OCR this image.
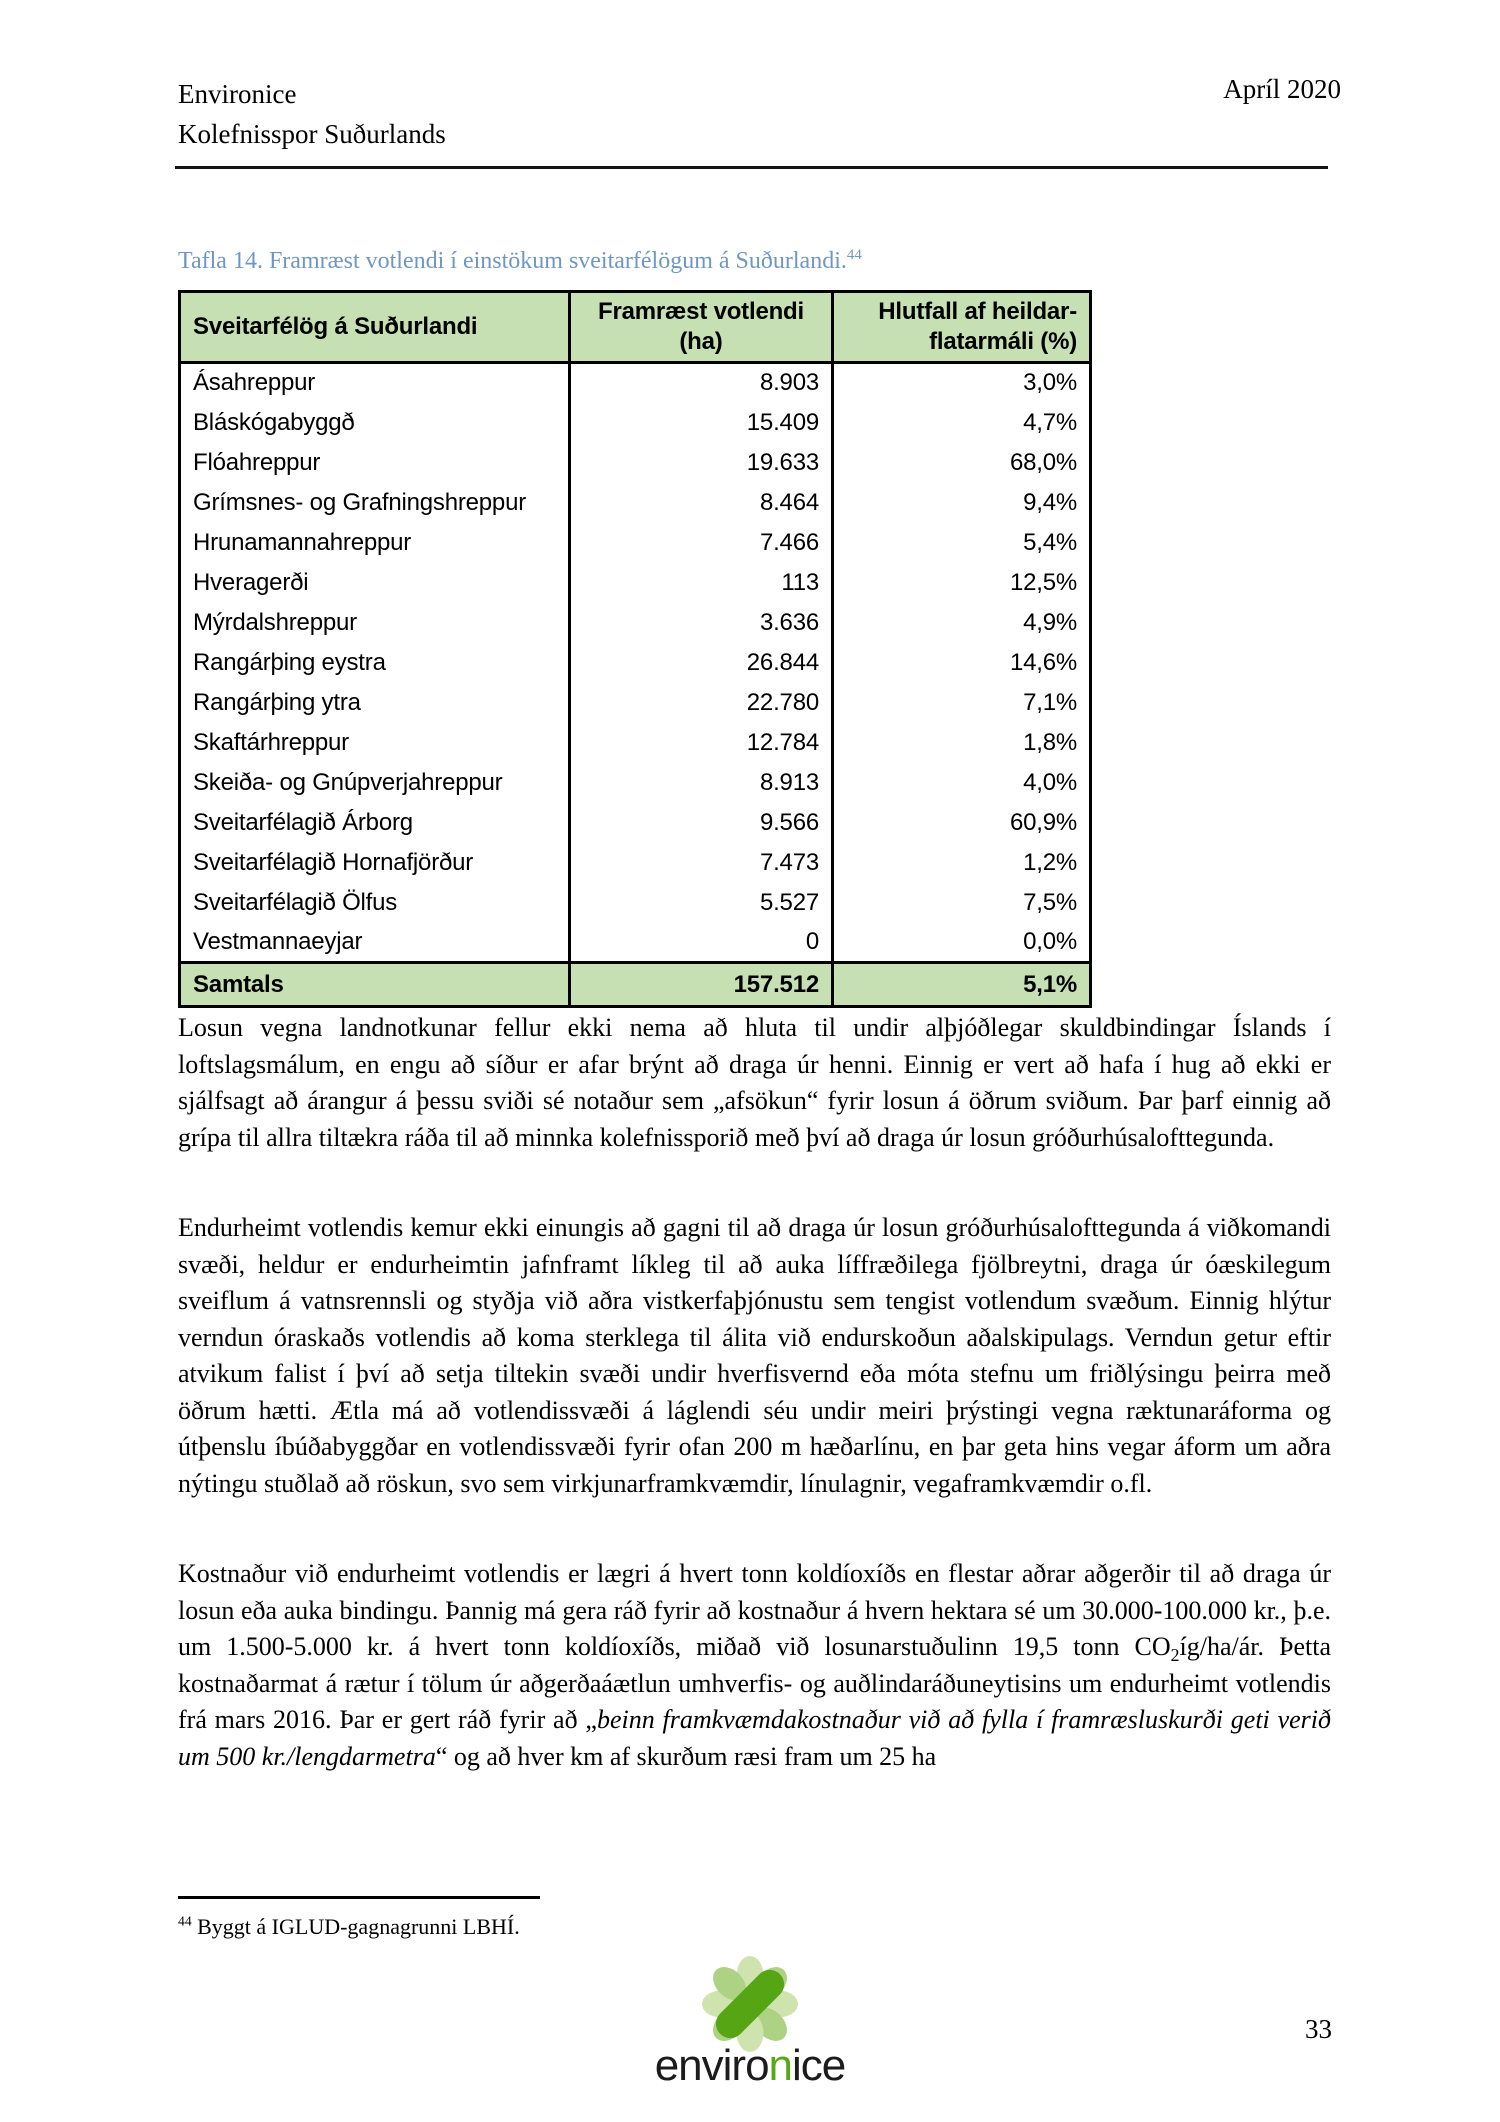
Environice
Kolefnisspor Suðurlands
Apríl 2020
Tafla 14. Framræst votlendi í einstökum sveitarfélögum á Suðurlandi.$^{44}$
Sveitarfélög á Suðurlandi	Framræst votlendi (ha)	Hlutfall af heildar-
flatarmáli (%)
Ásahreppur	8.903	3,0%
Bláskógabyggð	15.409	4,7%
Flóahreppur	19.633	68,0%
Grímsnes- og Grafningshreppur	8.464	9,4%
Hrunamannahreppur	7.466	5,4%
Hveragerði	113	12,5%
Mýrdalshreppur	3.636	4,9%
Rangárþing eystra	26.844	14,6%
Rangárþing ytra	22.780	7,1%
Skaftárhreppur	12.784	1,8%
Skeiða- og Gnúpverjahreppur	8.913	4,0%
Sveitarfélagið Árborg	9.566	60,9%
Sveitarfélagið Hornafjörður	7.473	1,2%
Sveitarfélagið Ölfus	5.527	7,5%
Vestmannaeyjar	0	0,0%
Samtals	157.512	5,1%

Losun vegna landnotkunar fellur ekki nema að hluta til undir alþjóðlegar skuldbindingar Íslands í loftslagsmálum, en engu að síður er afar brýnt að draga úr henni. Einnig er vert að hafa í hug að ekki er sjálfsagt að árangur á þessu sviði sé notaður sem „afsökun“ fyrir losun á öðrum sviðum. Þar þarf einnig að grípa til allra tiltækra ráða til að minnka kolefnissporið með því að draga úr losun gróðurhúsalofttegunda.

Endurheimt votlendis kemur ekki einungis að gagni til að draga úr losun gróðurhúsalofttegunda á viðkomandi svæði, heldur er endurheimtin jafnframt líkleg til að auka líffræðilega fjölbreytni, draga úr óæskilegum sveiflum á vatnsrennsli og styðja við aðra vistkerfaþjónustu sem tengist votlendum svæðum. Einnig hlýtur verndun óraskaðs votlendis að koma sterklega til álita við endurskoðun aðalskipulags. Verndun getur eftir atvikum falist í því að setja tiltekin svæði undir hverfisvernd eða móta stefnu um friðlýsingu þeirra með öðrum hætti. Ætla má að votlendissvæði á láglendi séu undir meiri þrýstingi vegna ræktunaráforma og útþenslu íbúðabyggðar en votlendissvæði fyrir ofan 200 m hæðarlínu, en þar geta hins vegar áform um aðra nýtingu stuðlað að röskun, svo sem virkjunarframkvæmdir, línulagnir, vegaframkvæmdir o.fl.

Kostnaður við endurheimt votlendis er lægri á hvert tonn koldíoxíðs en flestar aðrar aðgerðir til að draga úr losun eða auka bindingu. Þannig má gera ráð fyrir að kostnaður á hvern hektara sé um 30.000-100.000 kr., þ.e. um 1.500-5.000 kr. á hvert tonn koldíoxíðs, miðað við losunarstuðulinn 19,5 tonn $CO_2íg/ha/ár$. Þetta kostnaðarmat á rætur í tölum úr aðgerðaáætlun umhverfis- og auðlindaráðuneytisins um endurheimt votlendis frá mars 2016. Þar er gert ráð fyrir að „beinn framkvæmdakostnaður við að fylla í framræsluskurði geti verið um 500 kr./lengdarmetra“ og að hver km af skurðum ræsi fram um 25 ha

$^{44}$ Byggt á IGLUD-gagnagrunni LBHÍ.
environice
33
